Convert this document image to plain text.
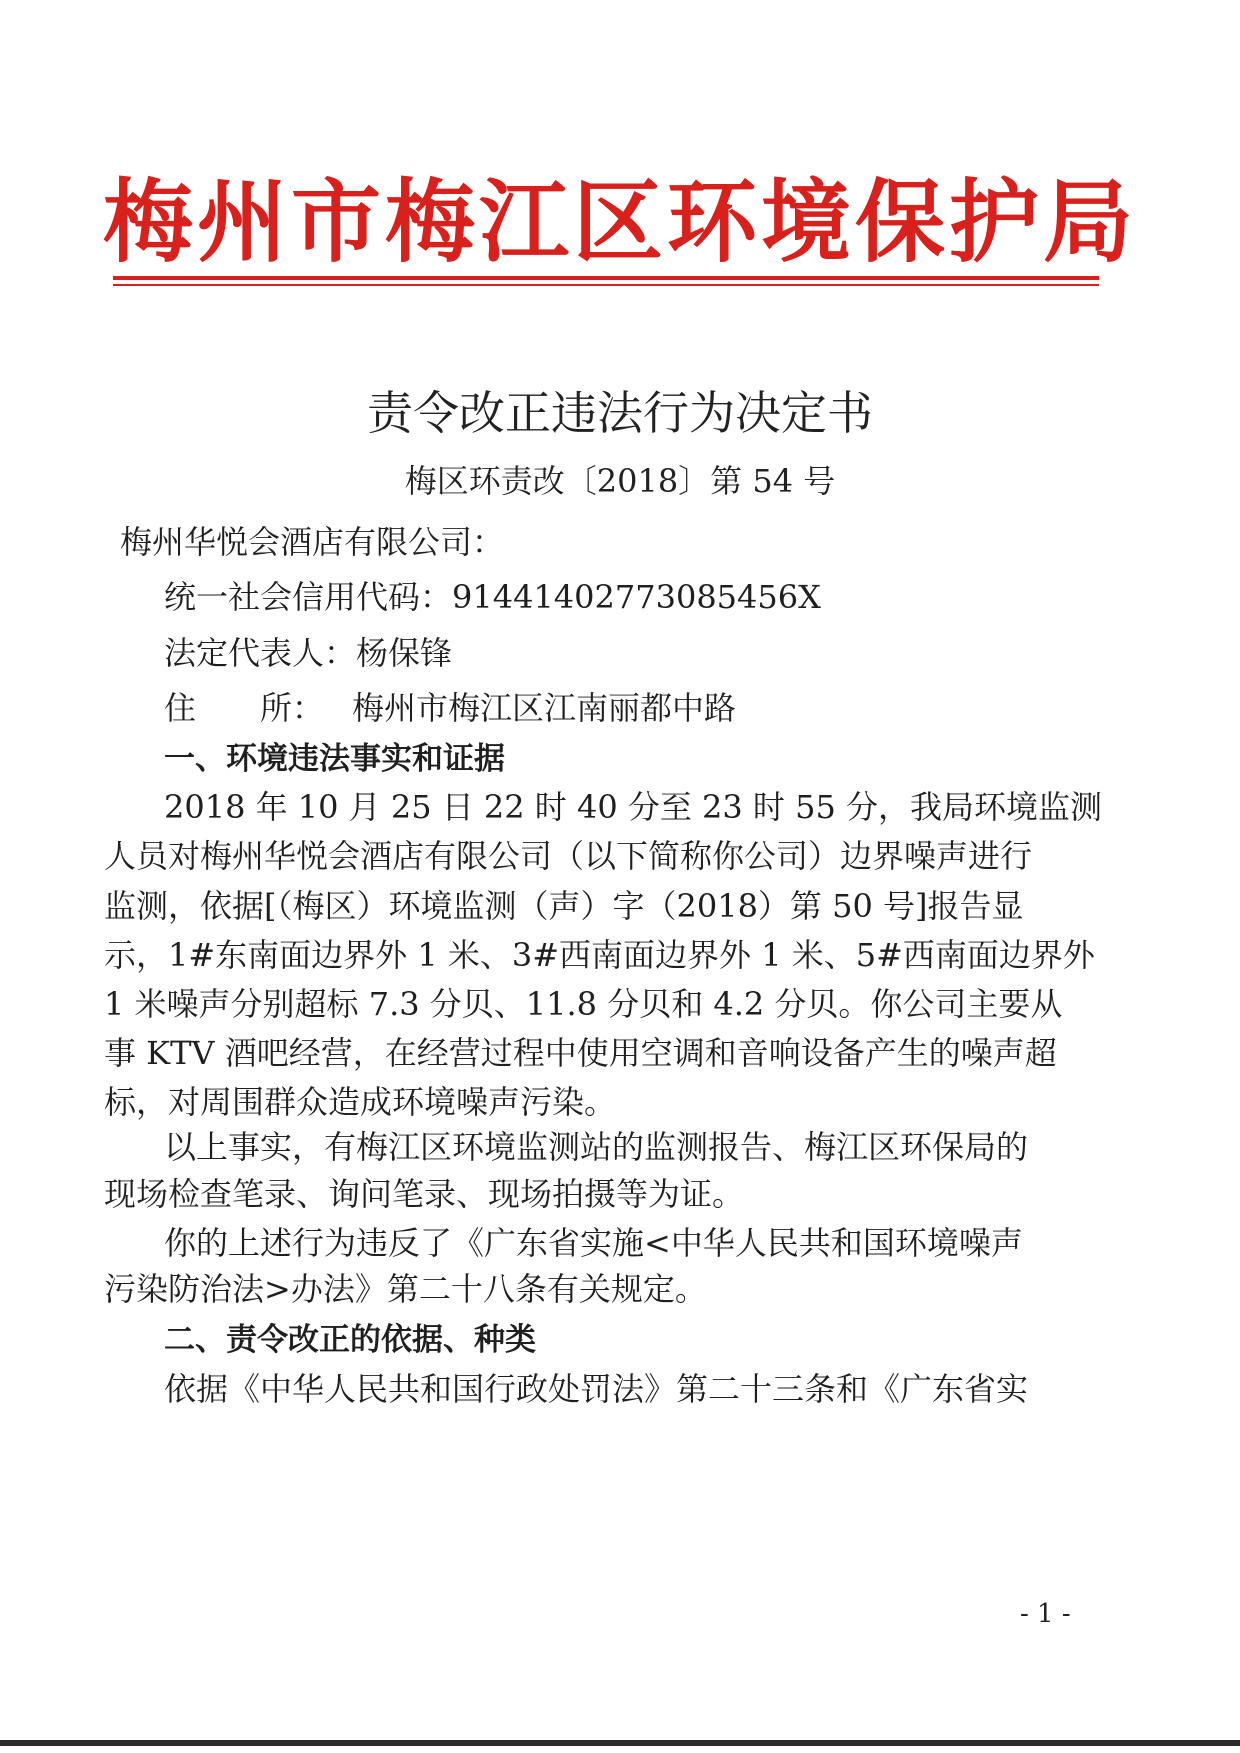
梅州市梅江区环境保护局
责令改正违法行为决定书
梅区环责改〔2018〕第 54 号
梅州华悦会酒店有限公司：
统一社会信用代码：91441402773085456X
法定代表人：杨保锋
住　　所： 梅州市梅江区江南丽都中路
一、环境违法事实和证据
2018 年 10 月 25 日 22 时 40 分至 23 时 55 分，我局环境监测
人员对梅州华悦会酒店有限公司（以下简称你公司）边界噪声进行
监测，依据[（梅区）环境监测（声）字（2018）第 50 号]报告显
示，1#东南面边界外 1 米、3#西南面边界外 1 米、5#西南面边界外
1 米噪声分别超标 7.3 分贝、11.8 分贝和 4.2 分贝。你公司主要从
事 KTV 酒吧经营，在经营过程中使用空调和音响设备产生的噪声超
标，对周围群众造成环境噪声污染。
以上事实，有梅江区环境监测站的监测报告、梅江区环保局的
现场检查笔录、询问笔录、现场拍摄等为证。
你的上述行为违反了《广东省实施<中华人民共和国环境噪声
污染防治法>办法》第二十八条有关规定。
二、责令改正的依据、种类
依据《中华人民共和国行政处罚法》第二十三条和《广东省实
- 1 -
